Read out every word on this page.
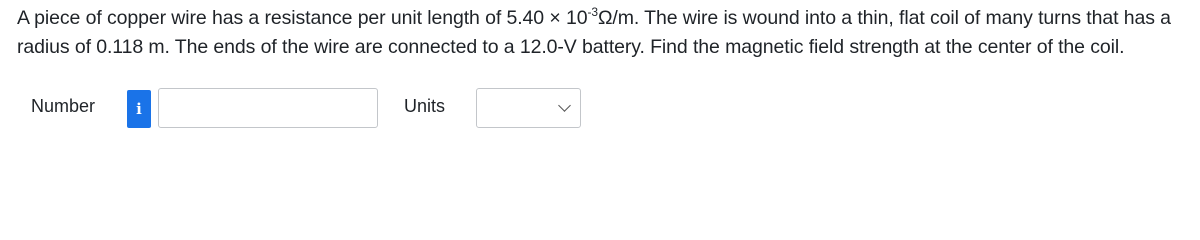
A piece of copper wire has a resistance per unit length of $5.40 \times 10^{-3}\Omega/m$. The wire is wound into a thin, flat coil of many turns that has a radius of 0.118 m. The ends of the wire are connected to a 12.0-V battery. Find the magnetic field strength at the center of the coil.

Number	i	Units
